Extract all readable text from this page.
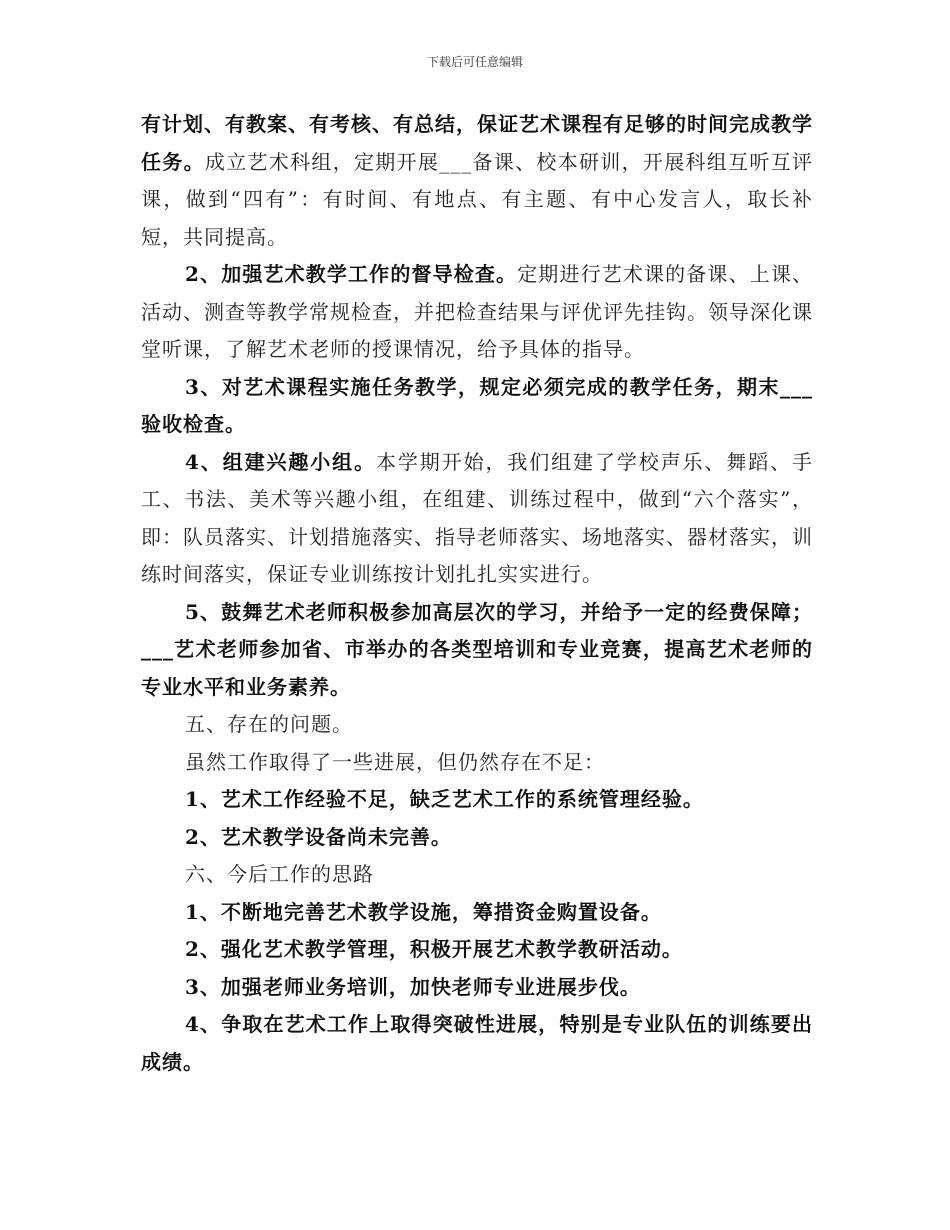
下载后可任意编辑

有计划、有教案、有考核、有总结，保证艺术课程有足够的时间完成教学任务。成立艺术科组，定期开展___备课、校本研训，开展科组互听互评课，做到“四有”：有时间、有地点、有主题、有中心发言人，取长补短，共同提高。

2、加强艺术教学工作的督导检查。定期进行艺术课的备课、上课、活动、测查等教学常规检查，并把检查结果与评优评先挂钩。领导深化课堂听课，了解艺术老师的授课情况，给予具体的指导。

3、对艺术课程实施任务教学，规定必须完成的教学任务，期末___验收检查。

4、组建兴趣小组。本学期开始，我们组建了学校声乐、舞蹈、手工、书法、美术等兴趣小组，在组建、训练过程中，做到“六个落实”，即：队员落实、计划措施落实、指导老师落实、场地落实、器材落实，训练时间落实，保证专业训练按计划扎扎实实进行。

5、鼓舞艺术老师积极参加高层次的学习，并给予一定的经费保障；___艺术老师参加省、市举办的各类型培训和专业竞赛，提高艺术老师的专业水平和业务素养。

五、存在的问题。

虽然工作取得了一些进展，但仍然存在不足：

1、艺术工作经验不足，缺乏艺术工作的系统管理经验。

2、艺术教学设备尚未完善。

六、今后工作的思路

1、不断地完善艺术教学设施，筹措资金购置设备。

2、强化艺术教学管理，积极开展艺术教学教研活动。

3、加强老师业务培训，加快老师专业进展步伐。

4、争取在艺术工作上取得突破性进展，特别是专业队伍的训练要出成绩。
